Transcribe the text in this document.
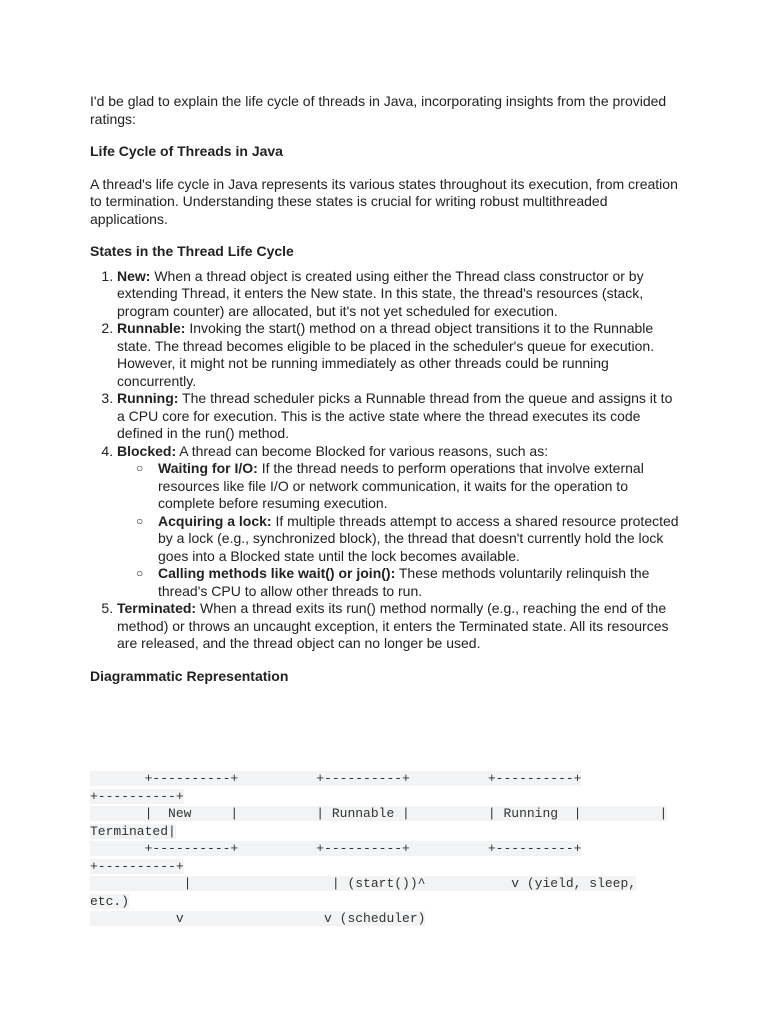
I'd be glad to explain the life cycle of threads in Java, incorporating insights from the provided ratings:

Life Cycle of Threads in Java

A thread's life cycle in Java represents its various states throughout its execution, from creation to termination. Understanding these states is crucial for writing robust multithreaded applications.

States in the Thread Life Cycle
1. New: When a thread object is created using either the Thread class constructor or by extending Thread, it enters the New state. In this state, the thread's resources (stack, program counter) are allocated, but it's not yet scheduled for execution.
2. Runnable: Invoking the start() method on a thread object transitions it to the Runnable state. The thread becomes eligible to be placed in the scheduler's queue for execution. However, it might not be running immediately as other threads could be running concurrently.
3. Running: The thread scheduler picks a Runnable thread from the queue and assigns it to a CPU core for execution. This is the active state where the thread executes its code defined in the run() method.
4. Blocked: A thread can become Blocked for various reasons, such as:
○ Waiting for I/O: If the thread needs to perform operations that involve external resources like file I/O or network communication, it waits for the operation to complete before resuming execution.
○ Acquiring a lock: If multiple threads attempt to access a shared resource protected by a lock (e.g., synchronized block), the thread that doesn't currently hold the lock goes into a Blocked state until the lock becomes available.
○ Calling methods like wait() or join(): These methods voluntarily relinquish the thread's CPU to allow other threads to run.
5. Terminated: When a thread exits its run() method normally (e.g., reaching the end of the method) or throws an uncaught exception, it enters the Terminated state. All its resources are released, and the thread object can no longer be used.
Diagrammatic Representation
+----------+          +----------+          +----------+
+----------+
|  New     |          | Runnable |          | Running  |          |
Terminated|
+----------+          +----------+          +----------+
+----------+
|                  | (start())^           v (yield, sleep,
etc.)
v                  v (scheduler)
